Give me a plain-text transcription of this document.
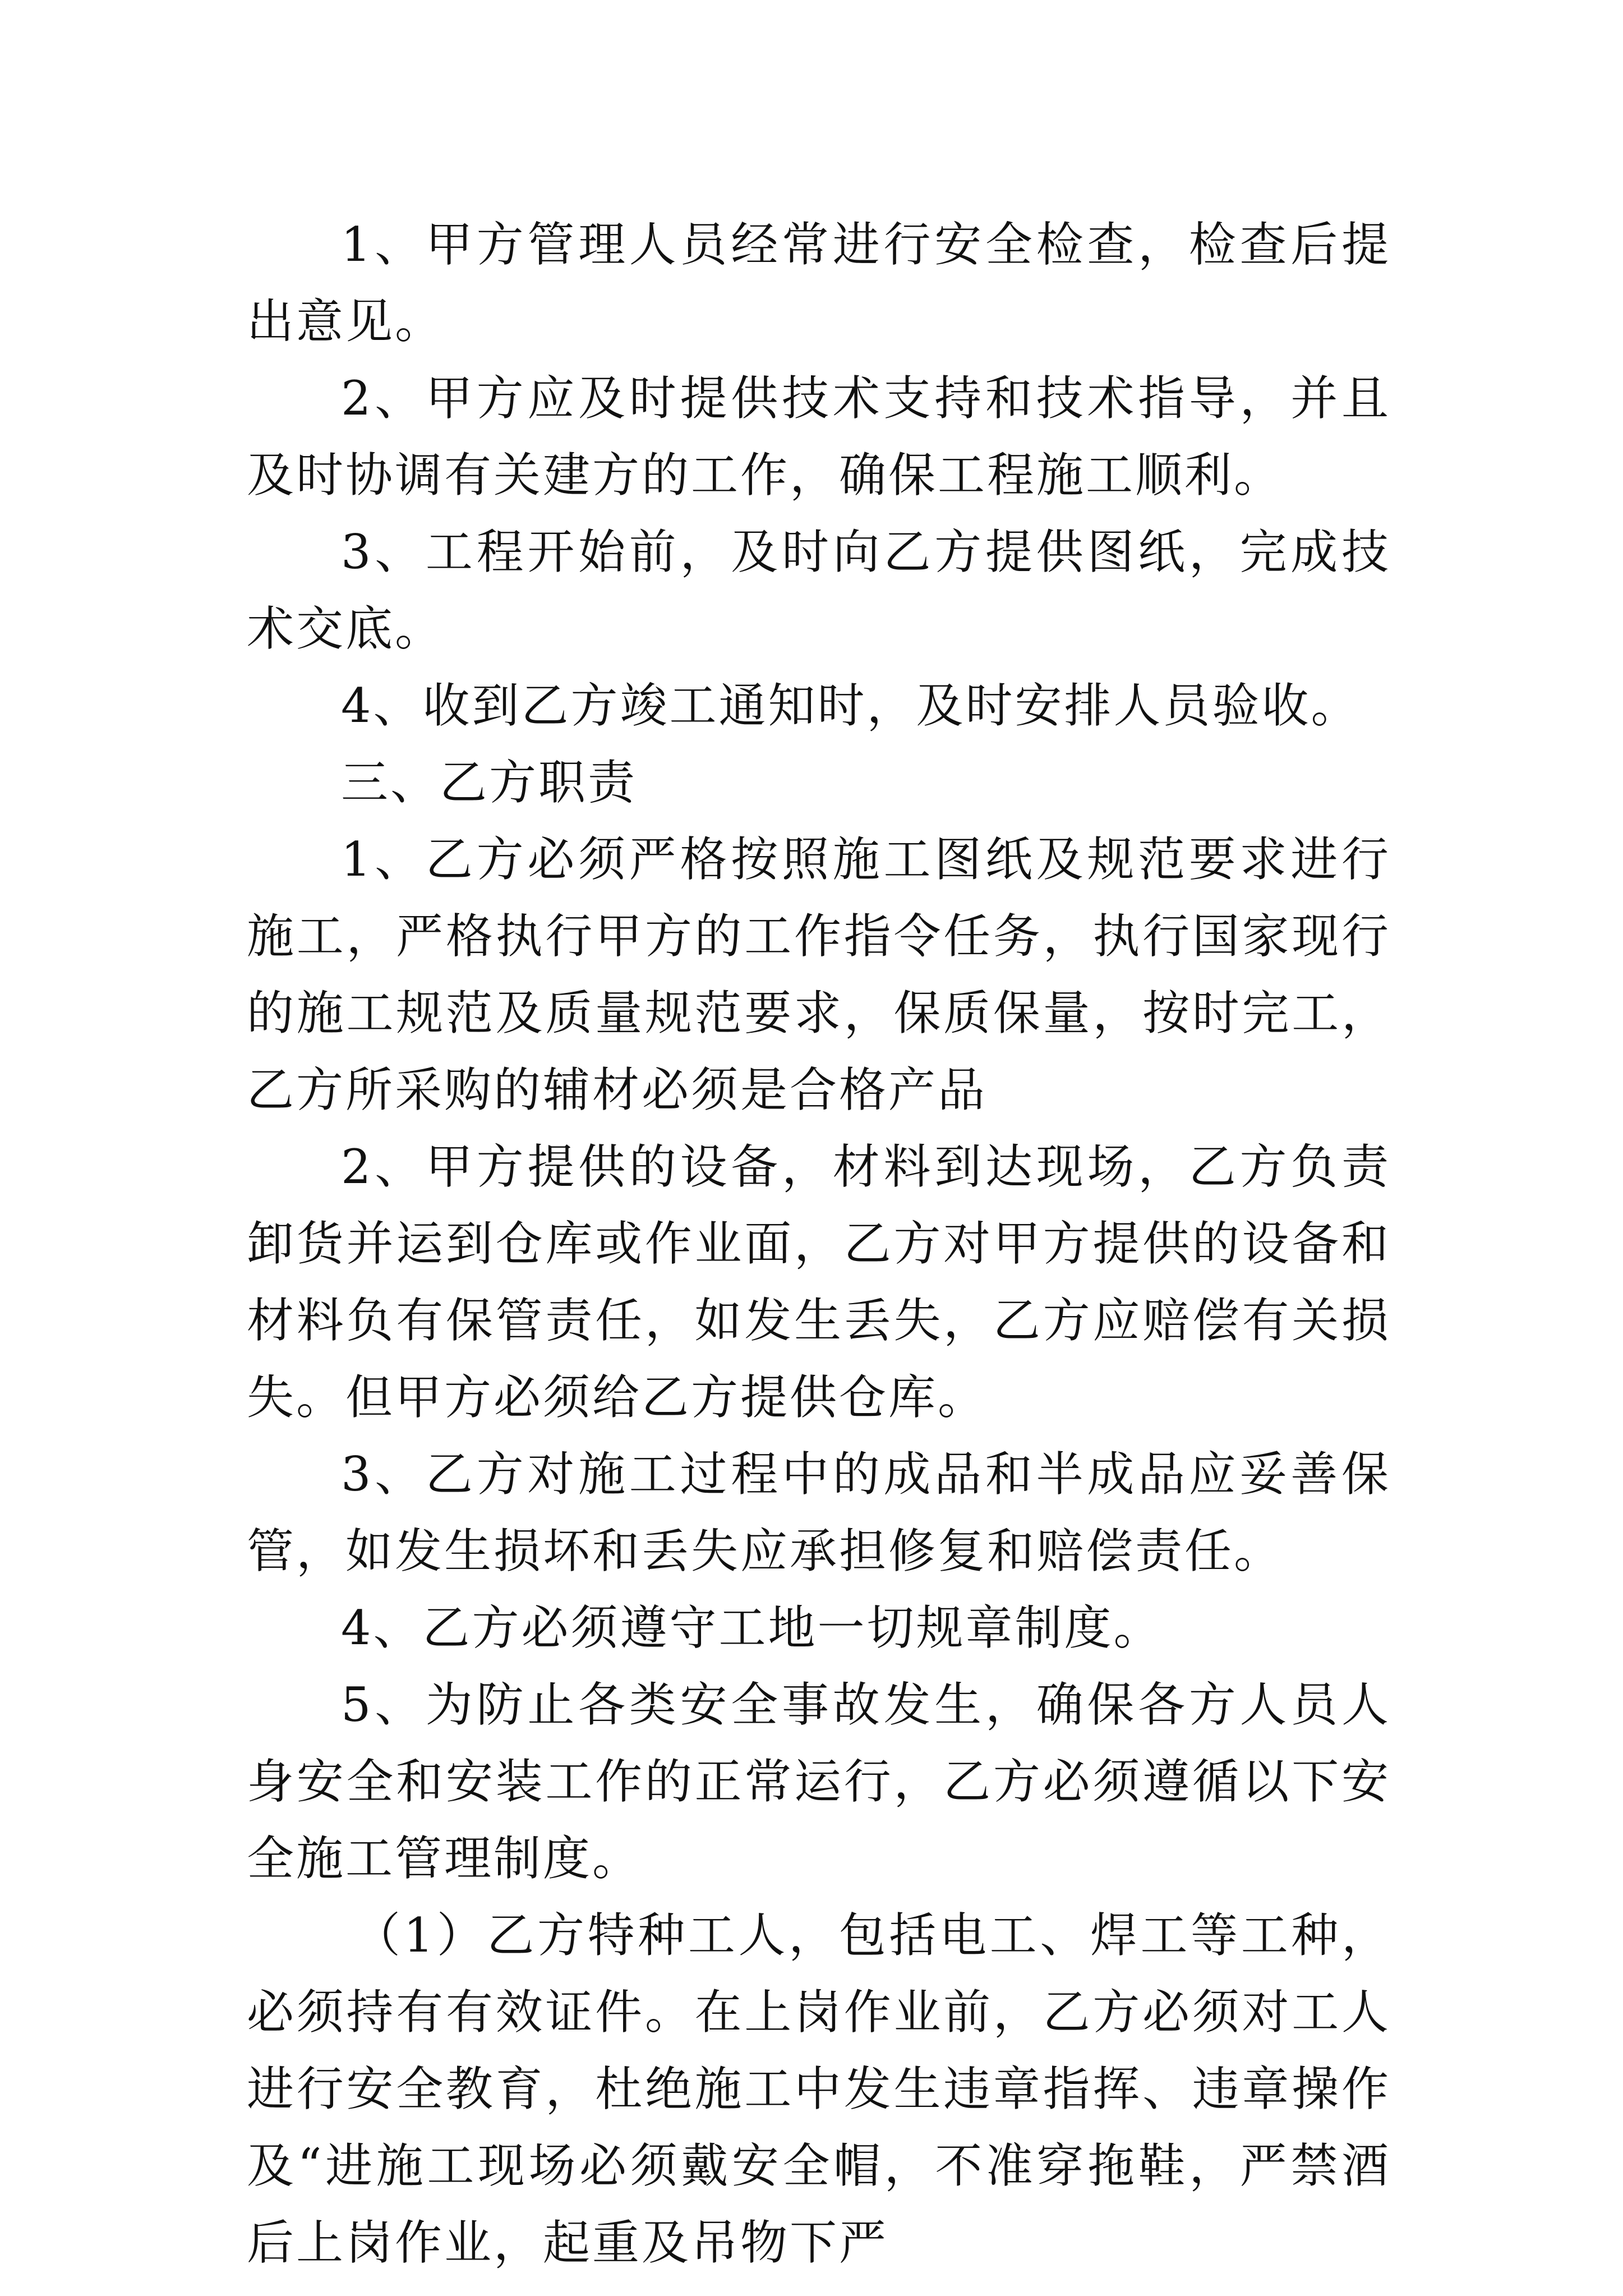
1、甲方管理人员经常进行安全检查，检查后提出意见。

2、甲方应及时提供技术支持和技术指导，并且及时协调有关建方的工作，确保工程施工顺利。

3、工程开始前，及时向乙方提供图纸，完成技术交底。

4、收到乙方竣工通知时，及时安排人员验收。

三、乙方职责

1、乙方必须严格按照施工图纸及规范要求进行施工，严格执行甲方的工作指令任务，执行国家现行的施工规范及质量规范要求，保质保量，按时完工，乙方所采购的辅材必须是合格产品

2、甲方提供的设备，材料到达现场，乙方负责卸货并运到仓库或作业面，乙方对甲方提供的设备和材料负有保管责任，如发生丢失，乙方应赔偿有关损失。但甲方必须给乙方提供仓库。

3、乙方对施工过程中的成品和半成品应妥善保管，如发生损坏和丢失应承担修复和赔偿责任。

4、乙方必须遵守工地一切规章制度。

5、为防止各类安全事故发生，确保各方人员人身安全和安装工作的正常运行，乙方必须遵循以下安全施工管理制度。

（1）乙方特种工人，包括电工、焊工等工种，必须持有有效证件。在上岗作业前，乙方必须对工人进行安全教育，杜绝施工中发生违章指挥、违章操作及“进施工现场必须戴安全帽，不准穿拖鞋，严禁酒后上岗作业，起重及吊物下严
